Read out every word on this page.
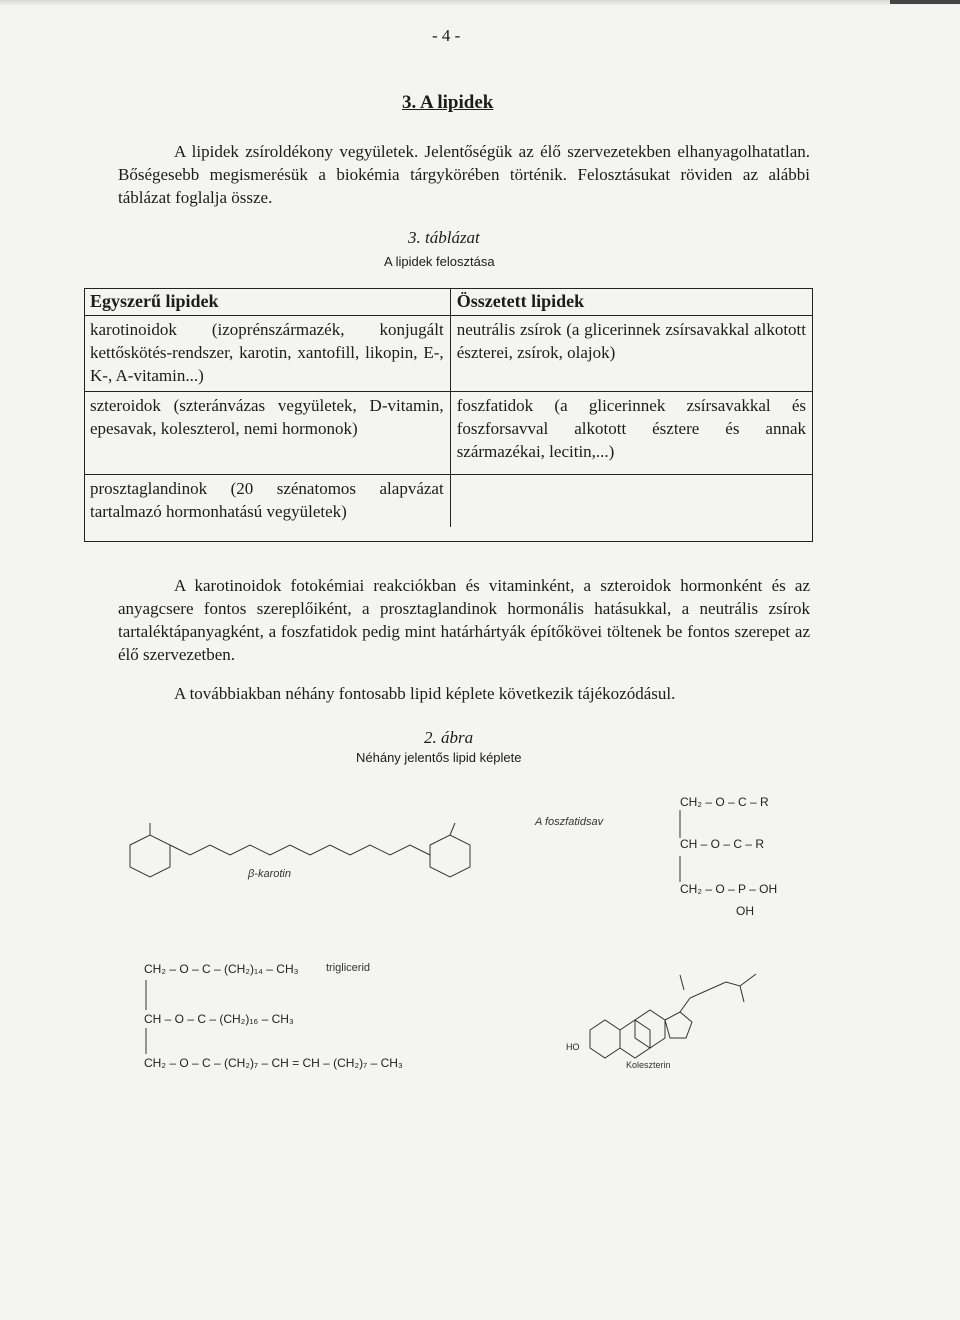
- 4 -
3. A lipidek
A lipidek zsíroldékony vegyületek. Jelentőségük az élő szervezetekben elhanyagolhatatlan. Bőségesebb megismerésük a biokémia tárgykörében történik. Felosztásukat röviden az alábbi táblázat foglalja össze.
3. táblázat
A lipidek felosztása
Egyszerű lipidek	Összetett lipidek
karotinoidok (izoprénszármazék, konjugált kettőskötés-rendszer, karotin, xantofill, likopin, E-, K-, A-vitamin...)	neutrális zsírok (a glicerinnek zsírsavakkal alkotott észterei, zsírok, olajok)
szteroidok (szteránvázas vegyületek, D-vitamin, epesavak, koleszterol, nemi hormonok)	foszfatidok (a glicerinnek zsírsavakkal és foszforsavval alkotott észtere és annak származékai, lecitin,...)
prosztaglandinok (20 szénatomos alapvázat tartalmazó hormonhatású vegyületek)	
A karotinoidok fotokémiai reakciókban és vitaminként, a szteroidok hormonként és az anyagcsere fontos szereplőiként, a prosztaglandinok hormonális hatásukkal, a neutrális zsírok tartaléktápanyagként, a foszfatidok pedig mint határhártyák építőkövei töltenek be fontos szerepet az élő szervezetben.
A továbbiakban néhány fontosabb lipid képlete következik tájékozódásul.
2. ábra
Néhány jelentős lipid képlete
β-karotin
A foszfatidsav
CH₂ – O – C – R
CH – O – C – R
CH₂ – O – P – OH
OH
triglicerid
CH₂ – O – C – (CH₂)₁₄ – CH₃
CH – O – C – (CH₂)₁₆ – CH₃
CH₂ – O – C – (CH₂)₇ – CH = CH – (CH₂)₇ – CH₃
HO
Koleszterin
